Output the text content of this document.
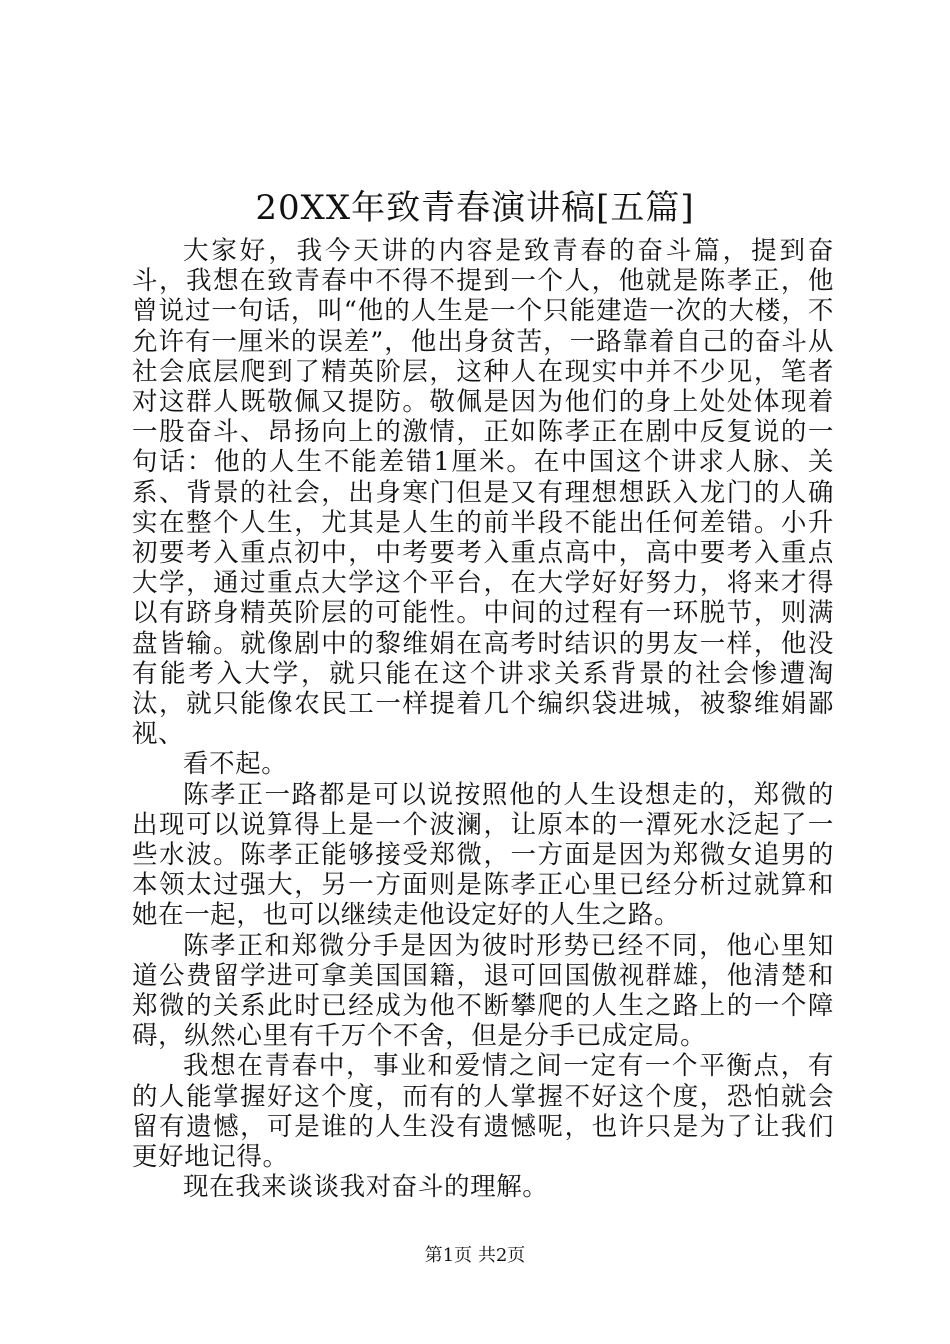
20XX年致青春演讲稿[五篇]

大家好，我今天讲的内容是致青春的奋斗篇，提到奋斗，我想在致青春中不得不提到一个人，他就是陈孝正，他曾说过一句话，叫“他的人生是一个只能建造一次的大楼，不允许有一厘米的误差”，他出身贫苦，一路靠着自己的奋斗从社会底层爬到了精英阶层，这种人在现实中并不少见，笔者对这群人既敬佩又提防。敬佩是因为他们的身上处处体现着一股奋斗、昂扬向上的激情，正如陈孝正在剧中反复说的一句话：他的人生不能差错1厘米。在中国这个讲求人脉、关系、背景的社会，出身寒门但是又有理想想跃入龙门的人确实在整个人生，尤其是人生的前半段不能出任何差错。小升初要考入重点初中，中考要考入重点高中，高中要考入重点大学，通过重点大学这个平台，在大学好好努力，将来才得以有跻身精英阶层的可能性。中间的过程有一环脱节，则满盘皆输。就像剧中的黎维娟在高考时结识的男友一样，他没有能考入大学，就只能在这个讲求关系背景的社会惨遭淘汰，就只能像农民工一样提着几个编织袋进城，被黎维娟鄙视、

看不起。

陈孝正一路都是可以说按照他的人生设想走的，郑微的出现可以说算得上是一个波澜，让原本的一潭死水泛起了一些水波。陈孝正能够接受郑微，一方面是因为郑微女追男的本领太过强大，另一方面则是陈孝正心里已经分析过就算和她在一起，也可以继续走他设定好的人生之路。

陈孝正和郑微分手是因为彼时形势已经不同，他心里知道公费留学进可拿美国国籍，退可回国傲视群雄，他清楚和郑微的关系此时已经成为他不断攀爬的人生之路上的一个障碍，纵然心里有千万个不舍，但是分手已成定局。

我想在青春中，事业和爱情之间一定有一个平衡点，有的人能掌握好这个度，而有的人掌握不好这个度，恐怕就会留有遗憾，可是谁的人生没有遗憾呢，也许只是为了让我们更好地记得。

现在我来谈谈我对奋斗的理解。

第1页 共2页
